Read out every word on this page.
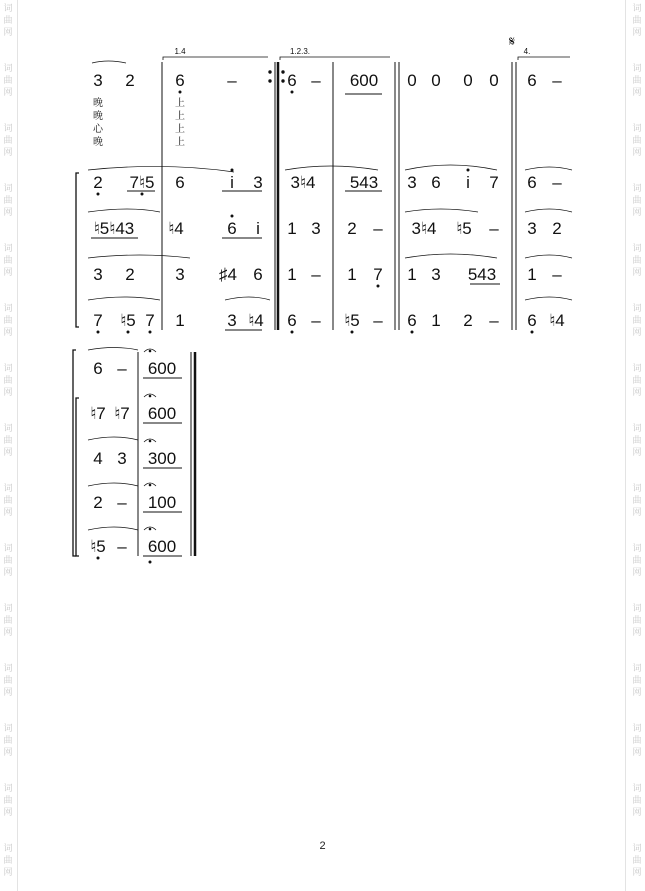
词
曲
网
词
曲
网
词
曲
网
词
曲
网
词
曲
网
词
曲
网
词
曲
网
词
曲
网
词
曲
网
词
曲
网
词
曲
网
词
曲
网
词
曲
网
词
曲
网
词
曲
网
词
曲
网
词
曲
网
词
曲
网
词
曲
网
词
曲
网
词
曲
网
词
曲
网
词
曲
网
词
曲
网
词
曲
网
词
曲
网
词
曲
网
词
曲
网
词
曲
网
词
曲
网
1.4	1.2.3.	4.
𝄋
3 2 6	–	6 – 600 0 0 0 0 6 –
晚
晚
心
晚
上
上
上
上
2 7♮5 6	i 3 3♮4 543 3 6 i 7 6 –
♮5♮43 ♮4	6 i 1 3 2 – 3♮4 ♮5 – 3 2
3 2 3 ♯4 6 1 – 1 7 1 3 543 1 –
7 ♮5 7 1	3 ♮4 6 – ♮5 – 6 1 2 – 6 ♮4
6 – 600
♮7 ♮7 600
4 3 300
2 – 100
♮5 – 600
2
